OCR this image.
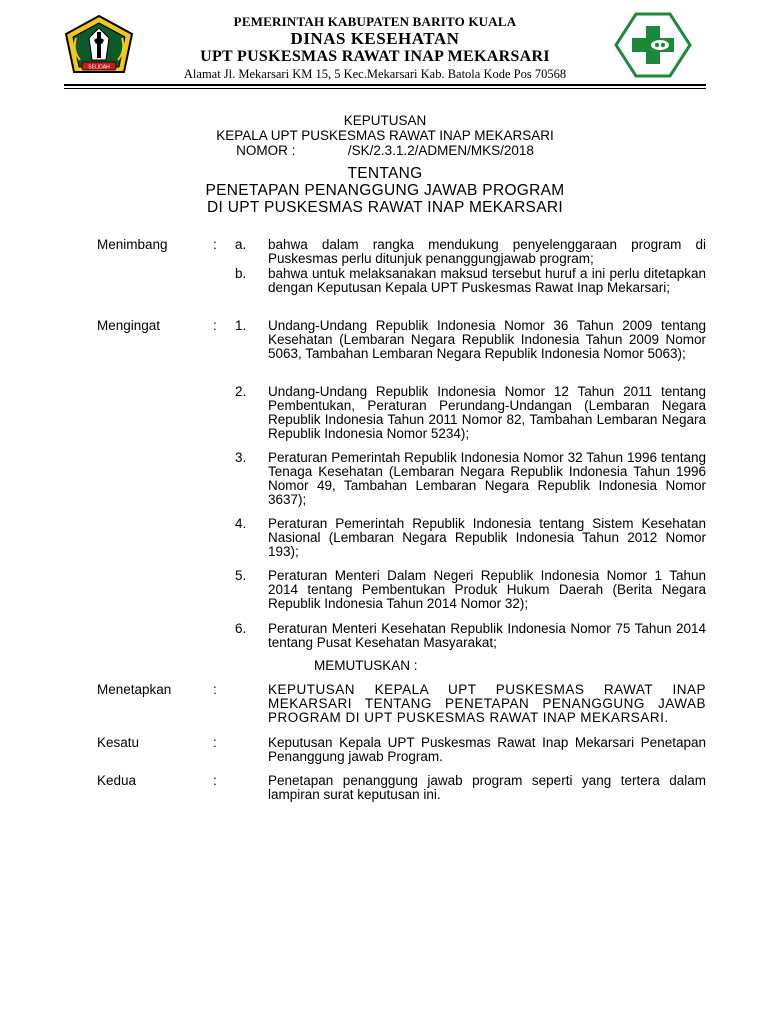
SELIDAH
PEMERINTAH KABUPATEN BARITO KUALA
DINAS KESEHATAN
UPT PUSKESMAS RAWAT INAP MEKARSARI
Alamat Jl. Mekarsari KM 15, 5 Kec.Mekarsari Kab. Batola Kode Pos 70568
KEPUTUSAN
KEPALA UPT PUSKESMAS RAWAT INAP MEKARSARI
NOMOR :              /SK/2.3.1.2/ADMEN/MKS/2018
TENTANG
PENETAPAN PENANGGUNG JAWAB PROGRAM
DI UPT PUSKESMAS RAWAT INAP MEKARSARI
Menimbang	: a. bahwa dalam rangka mendukung penyelenggaraan program di Puskesmas perlu ditunjuk penanggungjawab program;
b. bahwa untuk melaksanakan maksud tersebut huruf a ini perlu ditetapkan dengan Keputusan Kepala UPT Puskesmas Rawat Inap Mekarsari;
Mengingat	: 1. Undang-Undang Republik Indonesia Nomor 36 Tahun 2009 tentang Kesehatan (Lembaran Negara Republik Indonesia Tahun 2009 Nomor 5063, Tambahan Lembaran Negara Republik Indonesia Nomor 5063);
2. Undang-Undang Republik Indonesia Nomor 12 Tahun 2011 tentang Pembentukan, Peraturan Perundang-Undangan (Lembaran Negara Republik Indonesia Tahun 2011 Nomor 82, Tambahan Lembaran Negara Republik Indonesia Nomor 5234);
3. Peraturan Pemerintah Republik Indonesia Nomor 32 Tahun 1996 tentang Tenaga Kesehatan (Lembaran Negara Republik Indonesia Tahun 1996 Nomor 49, Tambahan Lembaran Negara Republik Indonesia Nomor 3637);
4. Peraturan Pemerintah Republik Indonesia tentang Sistem Kesehatan Nasional (Lembaran Negara Republik Indonesia Tahun 2012 Nomor 193);
5. Peraturan Menteri Dalam Negeri Republik Indonesia Nomor 1 Tahun 2014 tentang Pembentukan Produk Hukum Daerah (Berita Negara Republik Indonesia Tahun 2014 Nomor 32);
6. Peraturan Menteri Kesehatan Republik Indonesia Nomor 75 Tahun 2014 tentang Pusat Kesehatan Masyarakat;
MEMUTUSKAN :
Menetapkan	:	KEPUTUSAN KEPALA UPT PUSKESMAS RAWAT INAP MEKARSARI TENTANG PENETAPAN PENANGGUNG JAWAB PROGRAM DI UPT PUSKESMAS RAWAT INAP MEKARSARI.
Kesatu	:	Keputusan Kepala UPT Puskesmas Rawat Inap Mekarsari Penetapan Penanggung jawab Program.
Kedua	:	Penetapan penanggung jawab program seperti yang tertera dalam lampiran surat keputusan ini.
